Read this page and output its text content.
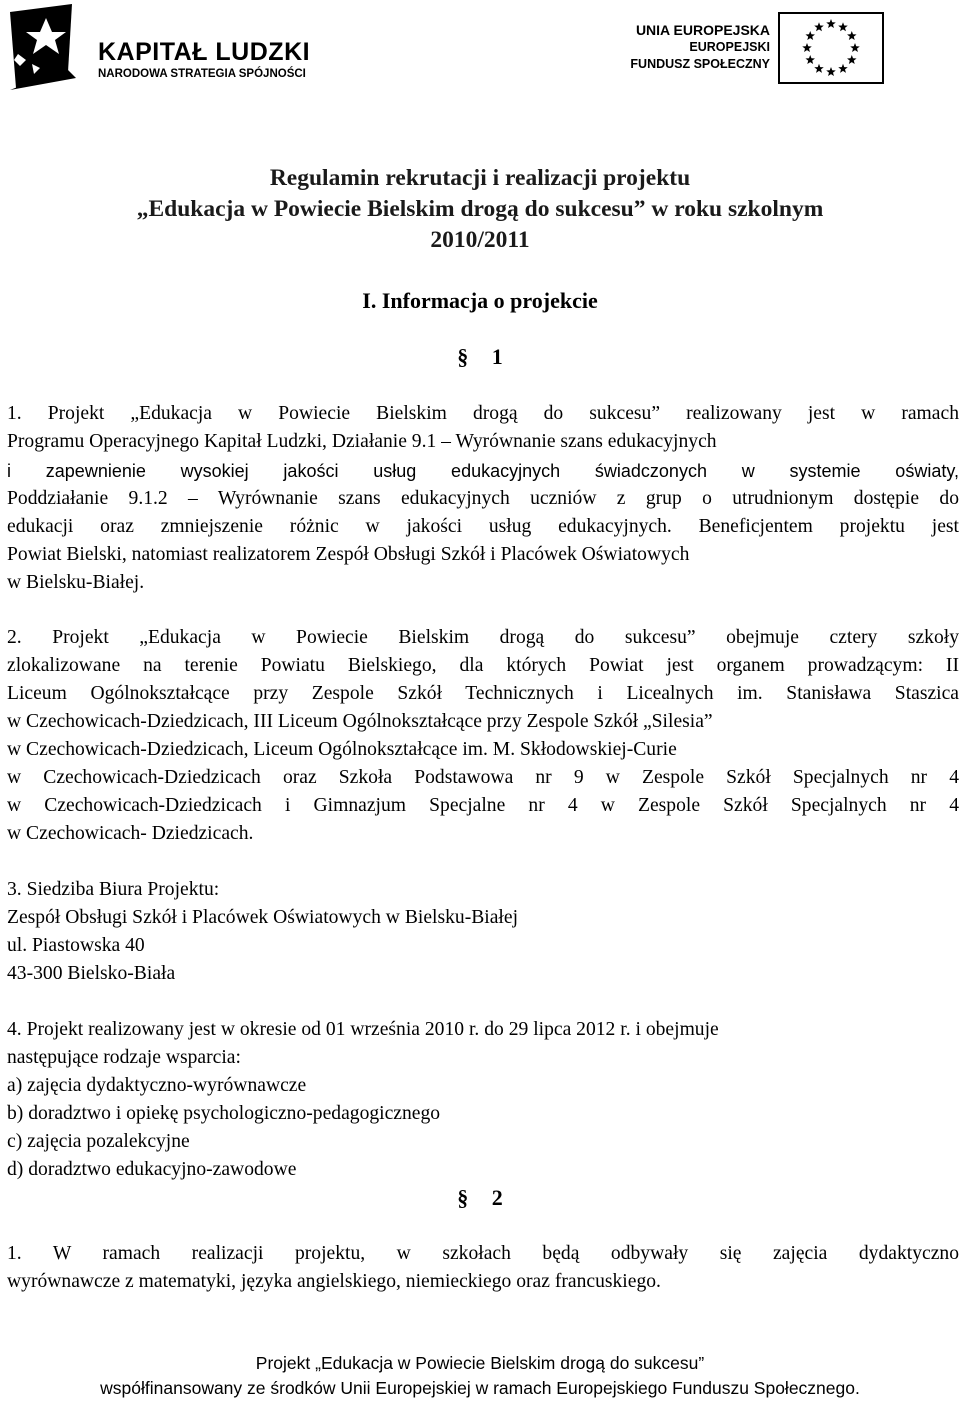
KAPITAŁ LUDZKI
NARODOWA STRATEGIA SPÓJNOŚCI
UNIA EUROPEJSKA
EUROPEJSKI
FUNDUSZ SPOŁECZNY
Regulamin rekrutacji i realizacji projektu
„Edukacja w Powiecie Bielskim drogą do sukcesu” w roku szkolnym
2010/2011
I. Informacja o projekcie
§ 1
1. Projekt „Edukacja w Powiecie Bielskim drogą do sukcesu” realizowany jest w ramach
Programu Operacyjnego Kapitał Ludzki, Działanie 9.1 – Wyrównanie szans edukacyjnych
i zapewnienie wysokiej jakości usług edukacyjnych świadczonych w systemie oświaty,
Poddziałanie 9.1.2 – Wyrównanie szans edukacyjnych uczniów z grup o utrudnionym dostępie do
edukacji oraz zmniejszenie różnic w jakości usług edukacyjnych. Beneficjentem projektu jest
Powiat Bielski, natomiast realizatorem Zespół Obsługi Szkół i Placówek Oświatowych
w Bielsku-Białej.
2. Projekt „Edukacja w Powiecie Bielskim drogą do sukcesu” obejmuje cztery szkoły
zlokalizowane na terenie Powiatu Bielskiego, dla których Powiat jest organem prowadzącym: II
Liceum Ogólnokształcące przy Zespole Szkół Technicznych i Licealnych im. Stanisława Staszica
w Czechowicach-Dziedzicach, III Liceum Ogólnokształcące przy Zespole Szkół „Silesia”
w Czechowicach-Dziedzicach, Liceum Ogólnokształcące im. M. Skłodowskiej-Curie
w Czechowicach-Dziedzicach oraz Szkoła Podstawowa nr 9 w Zespole Szkół Specjalnych nr 4
w Czechowicach-Dziedzicach i Gimnazjum Specjalne nr 4 w Zespole Szkół Specjalnych nr 4
w Czechowicach- Dziedzicach.
3. Siedziba Biura Projektu:
Zespół Obsługi Szkół i Placówek Oświatowych w Bielsku-Białej
ul. Piastowska 40
43-300 Bielsko-Biała
4. Projekt realizowany jest w okresie od 01 września 2010 r. do 29 lipca 2012 r. i obejmuje
następujące rodzaje wsparcia:
a) zajęcia dydaktyczno-wyrównawcze
b) doradztwo i opiekę psychologiczno-pedagogicznego
c) zajęcia pozalekcyjne
d) doradztwo edukacyjno-zawodowe
§ 2
1. W ramach realizacji projektu, w szkołach będą odbywały się zajęcia dydaktyczno
wyrównawcze z matematyki, języka angielskiego, niemieckiego oraz francuskiego.
Projekt „Edukacja w Powiecie Bielskim drogą do sukcesu”
współfinansowany ze środków Unii Europejskiej w ramach Europejskiego Funduszu Społecznego.
